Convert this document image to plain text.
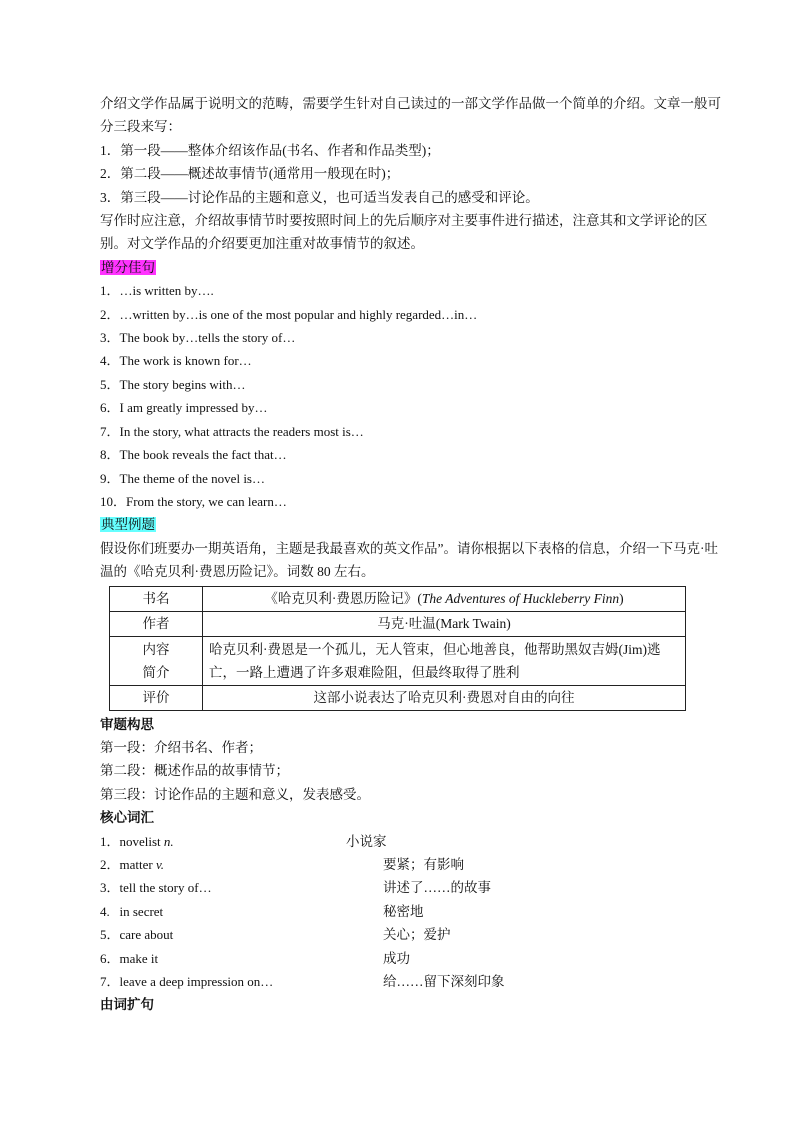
介绍文学作品属于说明文的范畴，需要学生针对自己读过的一部文学作品做一个简单的介绍。文章一般可分三段来写：

1．第一段——整体介绍该作品(书名、作者和作品类型)；

2．第二段——概述故事情节(通常用一般现在时)；

3．第三段——讨论作品的主题和意义，也可适当发表自己的感受和评论。

写作时应注意，介绍故事情节时要按照时间上的先后顺序对主要事件进行描述，注意其和文学评论的区别。对文学作品的介绍要更加注重对故事情节的叙述。

增分佳句

1．…is written by….

2．…written by…is one of the most popular and highly regarded…in…

3．The book by…tells the story of…

4．The work is known for…

5．The story begins with…

6．I am greatly impressed by…

7．In the story, what attracts the readers most is…

8．The book reveals the fact that…

9．The theme of the novel is…

10．From the story, we can learn…

典型例题

假设你们班要办一期英语角，主题是我最喜欢的英文作品”。请你根据以下表格的信息，介绍一下马克·吐温的《哈克贝利·费恩历险记》。词数 80 左右。

书名	《哈克贝利·费恩历险记》(The Adventures of Huckleberry Finn)
作者	马克·吐温(Mark Twain)
内容简介	哈克贝利·费恩是一个孤儿，无人管束，但心地善良，他帮助黑奴吉姆(Jim)逃亡，一路上遭遇了许多艰难险阻，但最终取得了胜利
评价	这部小说表达了哈克贝利·费恩对自由的向往

审题构思

第一段：介绍书名、作者；

第二段：概述作品的故事情节；

第三段：讨论作品的主题和意义，发表感受。

核心词汇

1．novelist n.	小说家
2．matter v.	要紧；有影响
3．tell the story of…	讲述了……的故事
4.   in secret	秘密地
5．care about	关心；爱护
6．make it	成功
7．leave a deep impression on…	给……留下深刻印象

由词扩句
